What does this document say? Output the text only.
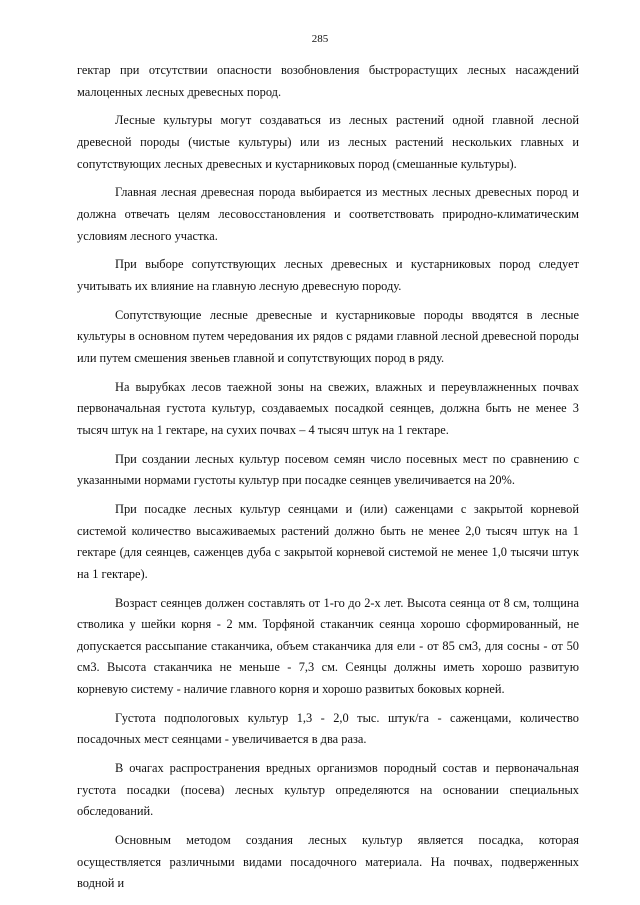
285

гектар при отсутствии опасности возобновления быстрорастущих лесных насаждений малоценных лесных древесных пород.

Лесные культуры могут создаваться из лесных растений одной главной лесной древесной породы (чистые культуры) или из лесных растений нескольких главных и сопутствующих лесных древесных и кустарниковых пород (смешанные культуры).

Главная лесная древесная порода выбирается из местных лесных древесных пород и должна отвечать целям лесовосстановления и соответствовать природно-климатическим условиям лесного участка.

При выборе сопутствующих лесных древесных и кустарниковых пород следует учитывать их влияние на главную лесную древесную породу.

Сопутствующие лесные древесные и кустарниковые породы вводятся в лесные культуры в основном путем чередования их рядов с рядами главной лесной древесной породы или путем смешения звеньев главной и сопутствующих пород в ряду.

На вырубках лесов таежной зоны на свежих, влажных и переувлажненных почвах первоначальная густота культур, создаваемых посадкой сеянцев, должна быть не менее 3 тысяч штук на 1 гектаре, на сухих почвах – 4 тысяч штук на 1 гектаре.

При создании лесных культур посевом семян число посевных мест по сравнению с указанными нормами густоты культур при посадке сеянцев увеличивается на 20%.

При посадке лесных культур сеянцами и (или) саженцами с закрытой корневой системой количество высаживаемых растений должно быть не менее 2,0 тысяч штук на 1 гектаре (для сеянцев, саженцев дуба с закрытой корневой системой не менее 1,0 тысячи штук на 1 гектаре).

Возраст сеянцев должен составлять от 1-го до 2-х лет. Высота сеянца от 8 см, толщина стволика у шейки корня - 2 мм. Торфяной стаканчик сеянца хорошо сформированный, не допускается рассыпание стаканчика, объем стаканчика для ели - от 85 см3, для сосны - от 50 см3. Высота стаканчика не меньше - 7,3 см. Сеянцы должны иметь хорошо развитую корневую систему - наличие главного корня и хорошо развитых боковых корней.

Густота подпологовых культур 1,3 - 2,0 тыс. штук/га - саженцами, количество посадочных мест сеянцами - увеличивается в два раза.

В очагах распространения вредных организмов породный состав и первоначальная густота посадки (посева) лесных культур определяются на основании специальных обследований.

Основным методом создания лесных культур является посадка, которая осуществляется различными видами посадочного материала. На почвах, подверженных водной и
